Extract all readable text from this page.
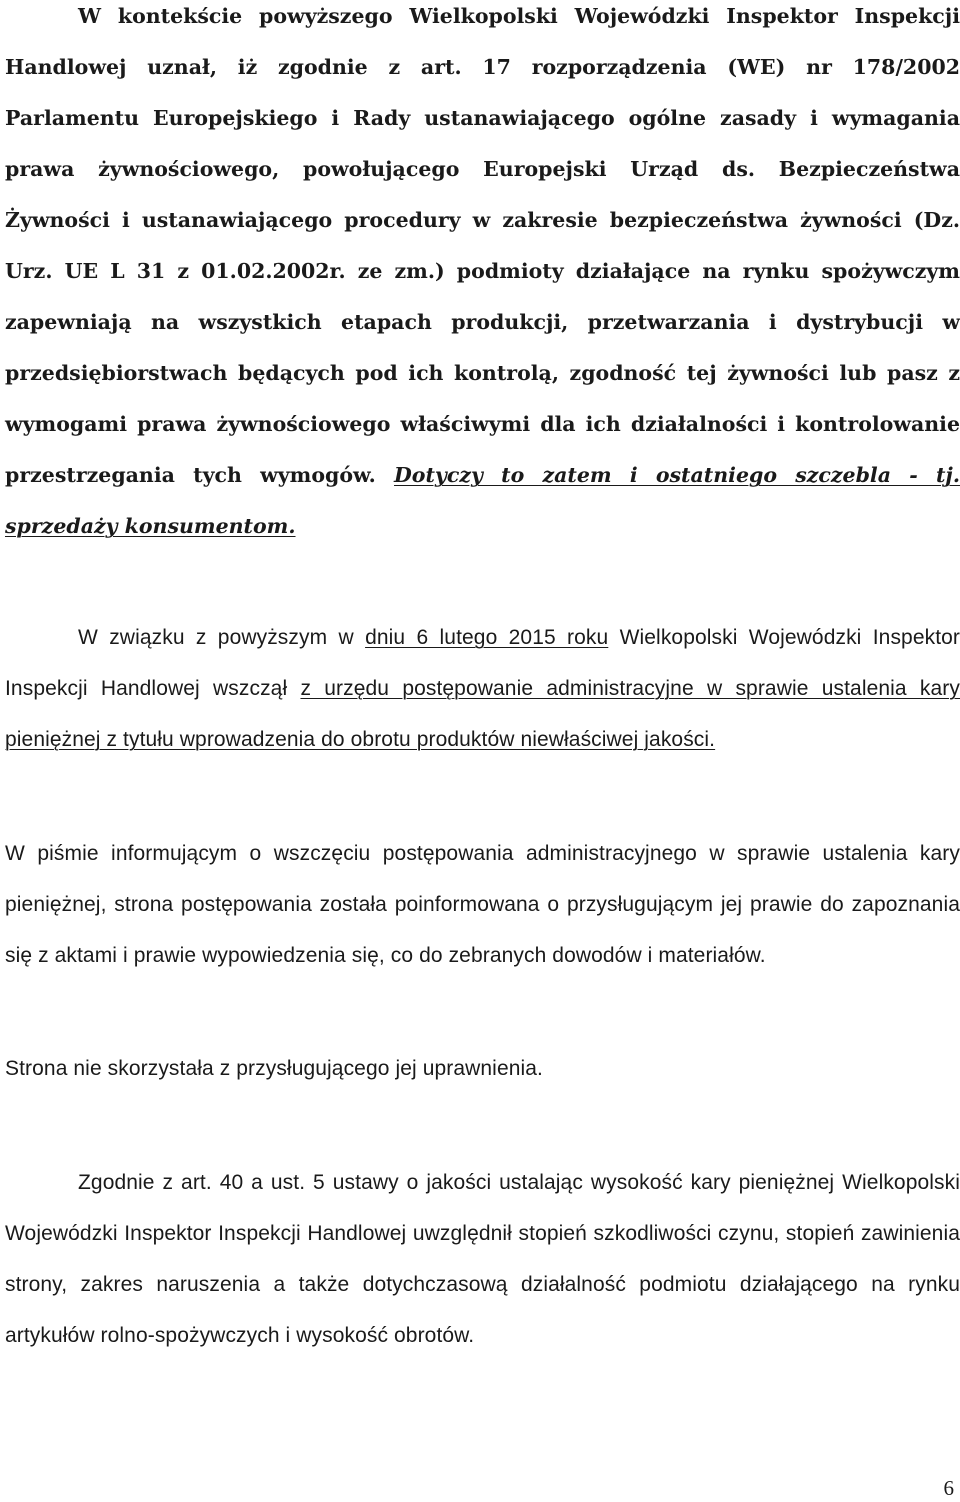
W kontekście powyższego Wielkopolski Wojewódzki Inspektor Inspekcji Handlowej uznał, iż zgodnie z art. 17 rozporządzenia (WE) nr 178/2002 Parlamentu Europejskiego i Rady ustanawiającego ogólne zasady i wymagania prawa żywnościowego, powołującego Europejski Urząd ds. Bezpieczeństwa Żywności i ustanawiającego procedury w zakresie bezpieczeństwa żywności (Dz. Urz. UE L 31 z 01.02.2002r. ze zm.) podmioty działające na rynku spożywczym zapewniają na wszystkich etapach produkcji, przetwarzania i dystrybucji w przedsiębiorstwach będących pod ich kontrolą, zgodność tej żywności lub pasz z wymogami prawa żywnościowego właściwymi dla ich działalności i kontrolowanie przestrzegania tych wymogów. Dotyczy to zatem i ostatniego szczebla - tj. sprzedaży konsumentom.

W związku z powyższym w dniu 6 lutego 2015 roku Wielkopolski Wojewódzki Inspektor Inspekcji Handlowej wszczął z urzędu postępowanie administracyjne w sprawie ustalenia kary pieniężnej z tytułu wprowadzenia do obrotu produktów niewłaściwej jakości.

W piśmie informującym o wszczęciu postępowania administracyjnego w sprawie ustalenia kary pieniężnej, strona postępowania została poinformowana o przysługującym jej prawie do zapoznania się z aktami i prawie wypowiedzenia się, co do zebranych dowodów i materiałów.

Strona nie skorzystała z przysługującego jej uprawnienia.

Zgodnie z art. 40 a ust. 5 ustawy o jakości ustalając wysokość kary pieniężnej Wielkopolski Wojewódzki Inspektor Inspekcji Handlowej uwzględnił stopień szkodliwości czynu, stopień zawinienia strony, zakres naruszenia a także dotychczasową działalność podmiotu działającego na rynku artykułów rolno-spożywczych i wysokość obrotów.

6
